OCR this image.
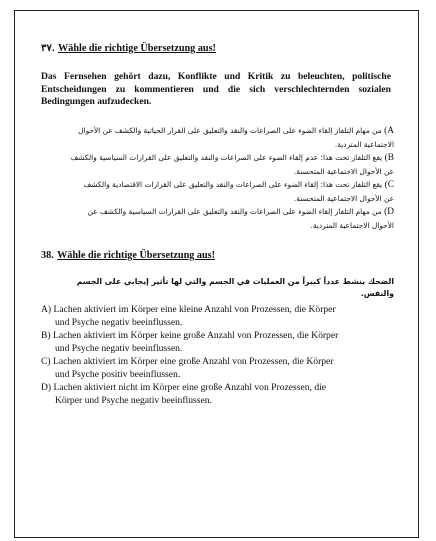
٣٧. Wähle die richtige Übersetzung aus!
Das Fernsehen gehört dazu, Konflikte und Kritik zu beleuchten, politische Entscheidungen zu kommentieren und die sich verschlechternden sozialen Bedingungen aufzudecken.
A) من مهام التلفاز إلقاء الضوء على الصراعات والنقد والتعليق على القرار الحياتية والكشف عن الأحوال
الاجتماعية المتردية.
B) يقع التلفاز تحت هذا: عدم إلقاء الضوء على الصراعات والنقد والتعليق على القرارات السياسية والكشف
عن الأحوال الاجتماعية المتحسنة.
C) يقع التلفاز تحت هذا: إلقاء الضوء على الصراعات والنقد والتعليق على القرارات الاقتصادية والكشف
عن الأحوال الاجتماعية المتحسنة.
D) من مهام التلفاز إلقاء الضوء على الصراعات والنقد والتعليق على القرارات السياسية والكشف عن
الأحوال الاجتماعية المتردية.
38. Wähle die richtige Übersetzung aus!
الضحك ينشط عدداً كبيراً من العمليات في الجسم والتي لها تأثير إيجابي على الجسم والنفس.
A) Lachen aktiviert im Körper eine kleine Anzahl von Prozessen, die Körper
und Psyche negativ beeinflussen.
B) Lachen aktiviert im Körper keine große Anzahl von Prozessen, die Körper
und Psyche negativ beeinflussen.
C) Lachen aktiviert im Körper eine große Anzahl von Prozessen, die Körper
und Psyche positiv beeinflussen.
D) Lachen aktiviert nicht im Körper eine große Anzahl von Prozessen, die
Körper und Psyche negativ beeinflussen.
